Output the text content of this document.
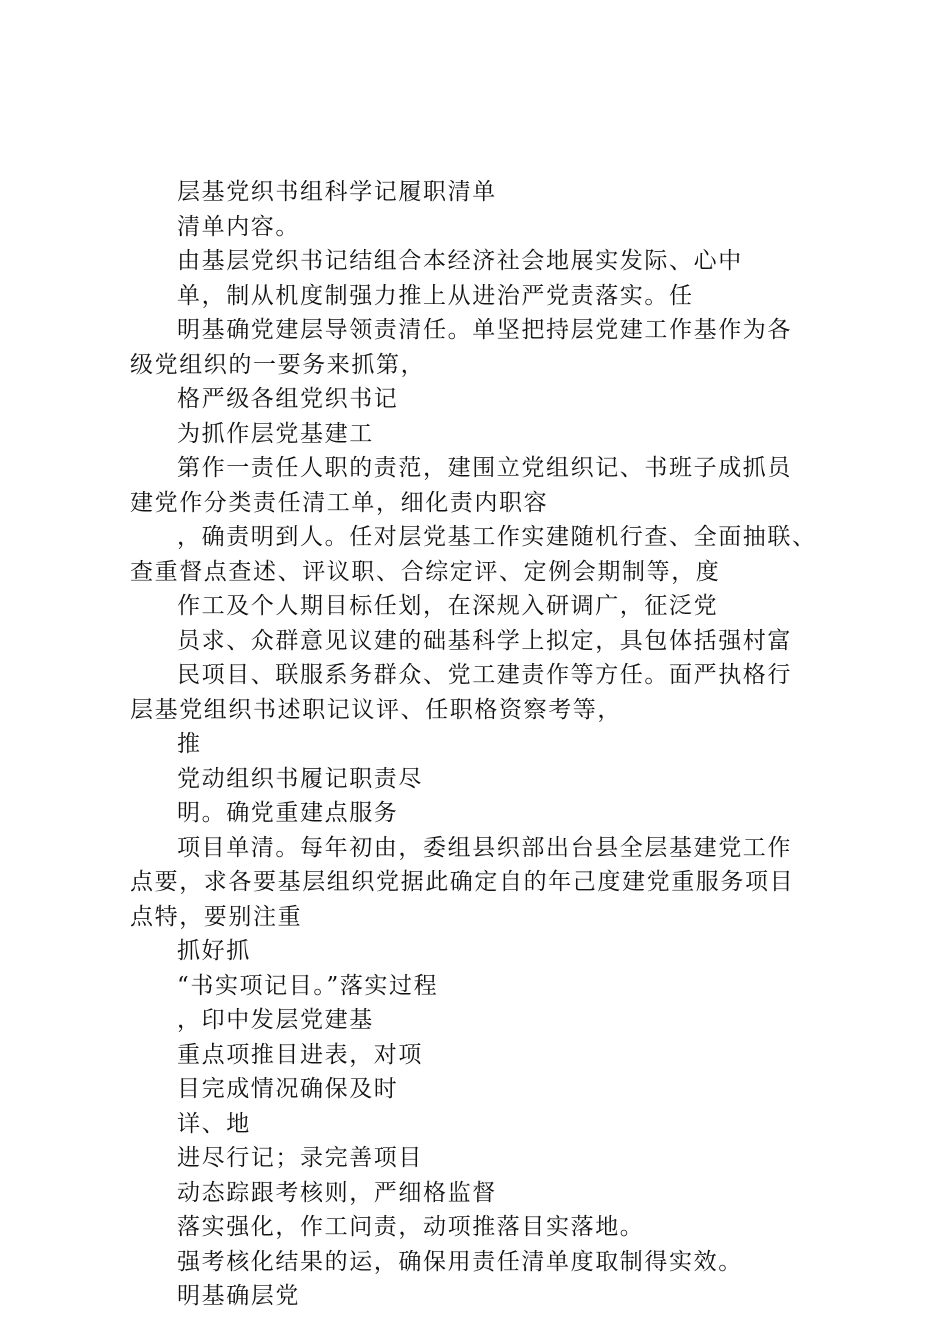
层基党织书组科学记履职清单
清单内容。
由基层党织书记结组合本经济社会地展实发际、心中
单，制从机度制强力推上从进治严党责落实。任
明基确党建层导领责清任。单坚把持层党建工作基作为各
级党组织的一要务来抓第，
格严级各组党织书记
为抓作层党基建工
第作一责任人职的责范，建围立党组织记、书班子成抓员
建党作分类责任清工单，细化责内职容
，确责明到人。任对层党基工作实建随机行查、全面抽联、
查重督点查述、评议职、合综定评、定例会期制等，度
作工及个人期目标任划，在深规入研调广，征泛党
员求、众群意见议建的础基科学上拟定，具包体括强村富
民项目、联服系务群众、党工建责作等方任。面严执格行
层基党组织书述职记议评、任职格资察考等，
推
党动组织书履记职责尽
明。确党重建点服务
项目单清。每年初由，委组县织部出台县全层基建党工作
点要，求各要基层组织党据此确定自的年己度建党重服务项目
点特，要别注重
抓好抓
“书实项记目。”落实过程
，印中发层党建基
重点项推目进表，对项
目完成情况确保及时
详、地
进尽行记；录完善项目
动态踪跟考核则，严细格监督
落实强化，作工问责，动项推落目实落地。
强考核化结果的运，确保用责任清单度取制得实效。
明基确层党
